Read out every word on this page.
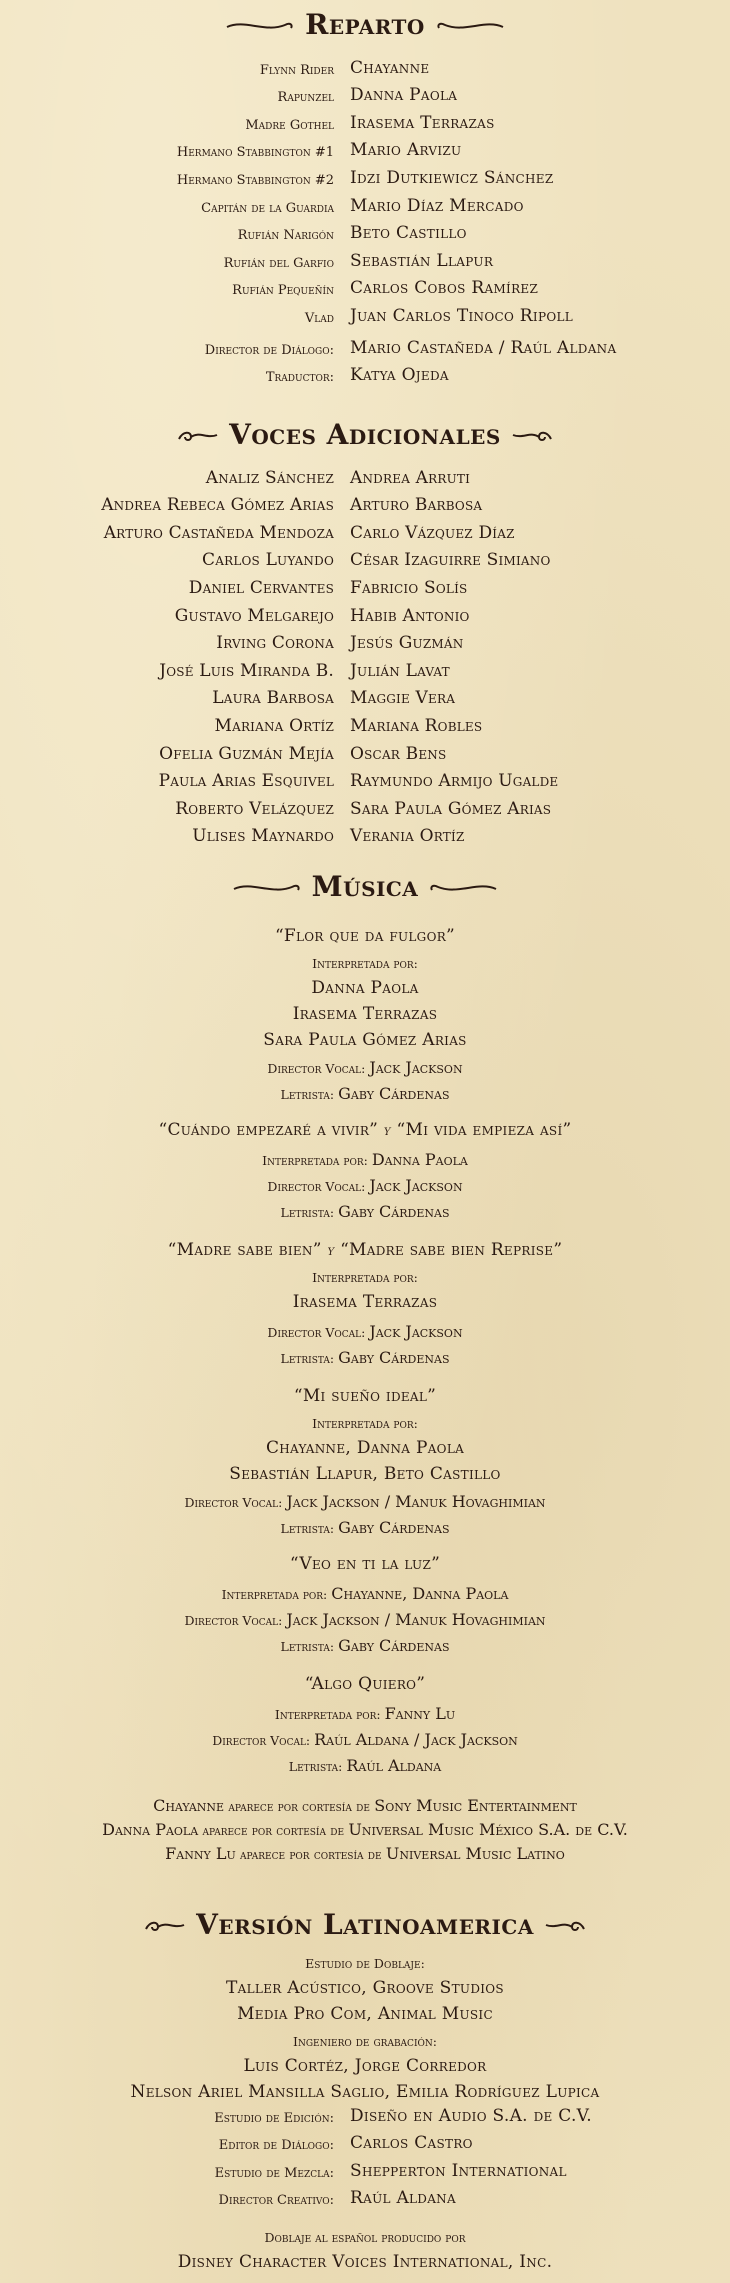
Reparto
Flynn Rider Chayanne
Rapunzel Danna Paola
Madre Gothel Irasema Terrazas
Hermano Stabbington #1 Mario Arvizu
Hermano Stabbington #2 Idzi Dutkiewicz Sánchez
Capitán de la Guardia Mario Díaz Mercado
Rufián Narigón Beto Castillo
Rufián del Garfio Sebastián Llapur
Rufián Pequeñín Carlos Cobos Ramírez
Vlad Juan Carlos Tinoco Ripoll
Director de Diálogo: Mario Castañeda / Raúl Aldana
Traductor: Katya Ojeda
Voces Adicionales
Analiz Sánchez Andrea Arruti
Andrea Rebeca Gómez Arias Arturo Barbosa
Arturo Castañeda Mendoza Carlo Vázquez Díaz
Carlos Luyando César Izaguirre Simiano
Daniel Cervantes Fabricio Solís
Gustavo Melgarejo Habib Antonio
Irving Corona Jesús Guzmán
José Luis Miranda B. Julián Lavat
Laura Barbosa Maggie Vera
Mariana Ortíz Mariana Robles
Ofelia Guzmán Mejía Oscar Bens
Paula Arias Esquivel Raymundo Armijo Ugalde
Roberto Velázquez Sara Paula Gómez Arias
Ulises Maynardo Verania Ortíz
Música
“Flor que da fulgor”
Interpretada por:
Danna Paola
Irasema Terrazas
Sara Paula Gómez Arias
Director Vocal: Jack Jackson
Letrista: Gaby Cárdenas
“Cuándo empezaré a vivir” y “Mi vida empieza así”
Interpretada por: Danna Paola
Director Vocal: Jack Jackson
Letrista: Gaby Cárdenas
“Madre sabe bien” y “Madre sabe bien Reprise”
Interpretada por:
Irasema Terrazas
Director Vocal: Jack Jackson
Letrista: Gaby Cárdenas
“Mi sueño ideal”
Interpretada por:
Chayanne, Danna Paola
Sebastián Llapur, Beto Castillo
Director Vocal: Jack Jackson / Manuk Hovaghimian
Letrista: Gaby Cárdenas
“Veo en ti la luz”
Interpretada por: Chayanne, Danna Paola
Director Vocal: Jack Jackson / Manuk Hovaghimian
Letrista: Gaby Cárdenas
“Algo Quiero”
Interpretada por: Fanny Lu
Director Vocal: Raúl Aldana / Jack Jackson
Letrista: Raúl Aldana
Chayanne aparece por cortesía de Sony Music Entertainment
Danna Paola aparece por cortesía de Universal Music México S.A. de C.V.
Fanny Lu aparece por cortesía de Universal Music Latino
Versión Latinoamerica
Estudio de Doblaje:
Taller Acústico, Groove Studios
Media Pro Com, Animal Music
Ingeniero de grabación:
Luis Cortéz, Jorge Corredor
Nelson Ariel Mansilla Saglio, Emilia Rodríguez Lupica
Estudio de Edición: Diseño en Audio S.A. de C.V.
Editor de Diálogo: Carlos Castro
Estudio de Mezcla: Shepperton International
Director Creativo: Raúl Aldana
Doblaje al español producido por
Disney Character Voices International, Inc.
